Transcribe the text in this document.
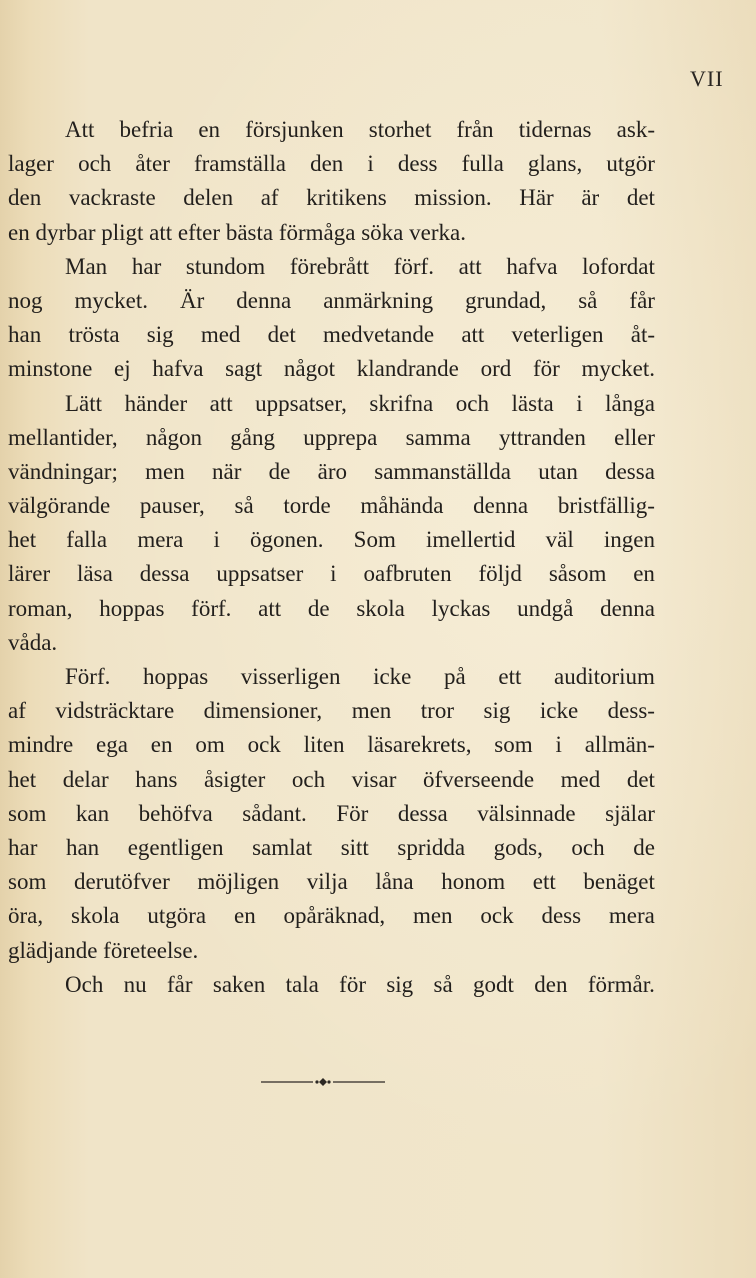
VII
Att befria en försjunken storhet från tidernas ask-
lager och åter framställa den i dess fulla glans, utgör
den vackraste delen af kritikens mission. Här är det
en dyrbar pligt att efter bästa förmåga söka verka.
Man har stundom förebrått förf. att hafva lofordat
nog mycket. Är denna anmärkning grundad, så får
han trösta sig med det medvetande att veterligen åt-
minstone ej hafva sagt något klandrande ord för mycket.
Lätt händer att uppsatser, skrifna och lästa i långa
mellantider, någon gång upprepa samma yttranden eller
vändningar; men när de äro sammanställda utan dessa
välgörande pauser, så torde måhända denna bristfällig-
het falla mera i ögonen. Som imellertid väl ingen
lärer läsa dessa uppsatser i oafbruten följd såsom en
roman, hoppas förf. att de skola lyckas undgå denna
våda.
Förf. hoppas visserligen icke på ett auditorium
af vidsträcktare dimensioner, men tror sig icke dess-
mindre ega en om ock liten läsarekrets, som i allmän-
het delar hans åsigter och visar öfverseende med det
som kan behöfva sådant. För dessa välsinnade själar
har han egentligen samlat sitt spridda gods, och de
som derutöfver möjligen vilja låna honom ett benäget
öra, skola utgöra en opåräknad, men ock dess mera
glädjande företeelse.
Och nu får saken tala för sig så godt den förmår.
